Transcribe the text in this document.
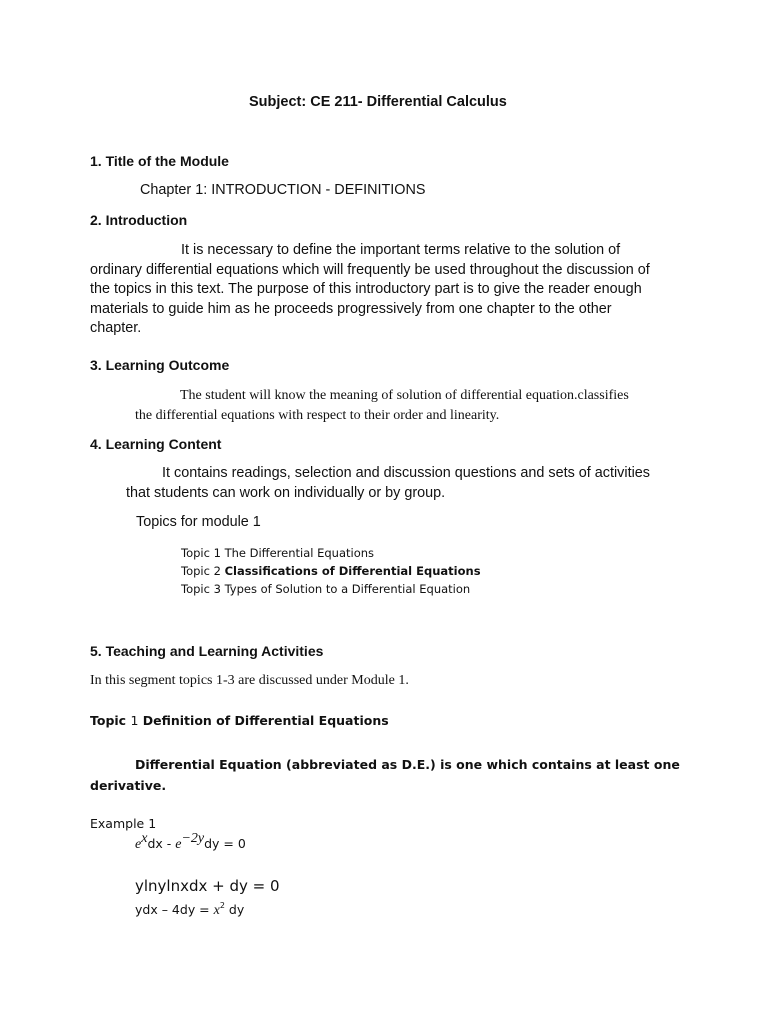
Subject: CE 211- Differential Calculus
1. Title of the Module
Chapter 1: INTRODUCTION - DEFINITIONS
2. Introduction
It is necessary to define the important terms relative to the solution of
ordinary differential equations which will frequently be used throughout the discussion of
the topics in this text. The purpose of this introductory part is to give the reader enough
materials to guide him as he proceeds progressively from one chapter to the other
chapter.
3. Learning Outcome
The student will know the meaning of solution of differential equation.classifies
the differential equations with respect to their order and linearity.
4. Learning Content
It contains readings, selection and discussion questions and sets of activities
that students can work on individually or by group.
Topics for module 1
Topic 1 The Differential Equations
Topic 2 Classifications of Differential Equations
Topic 3 Types of Solution to a Differential Equation
5. Teaching and Learning Activities
In this segment topics 1-3 are discussed under Module 1.
Topic 1 Definition of Differential Equations
Differential Equation (abbreviated as D.E.) is one which contains at least one
derivative.
Example 1
$e^xdx - e^{-2y}dy = 0$
ylnylnxdx + dy = 0
ydx – $4dy = x^2$ dy
